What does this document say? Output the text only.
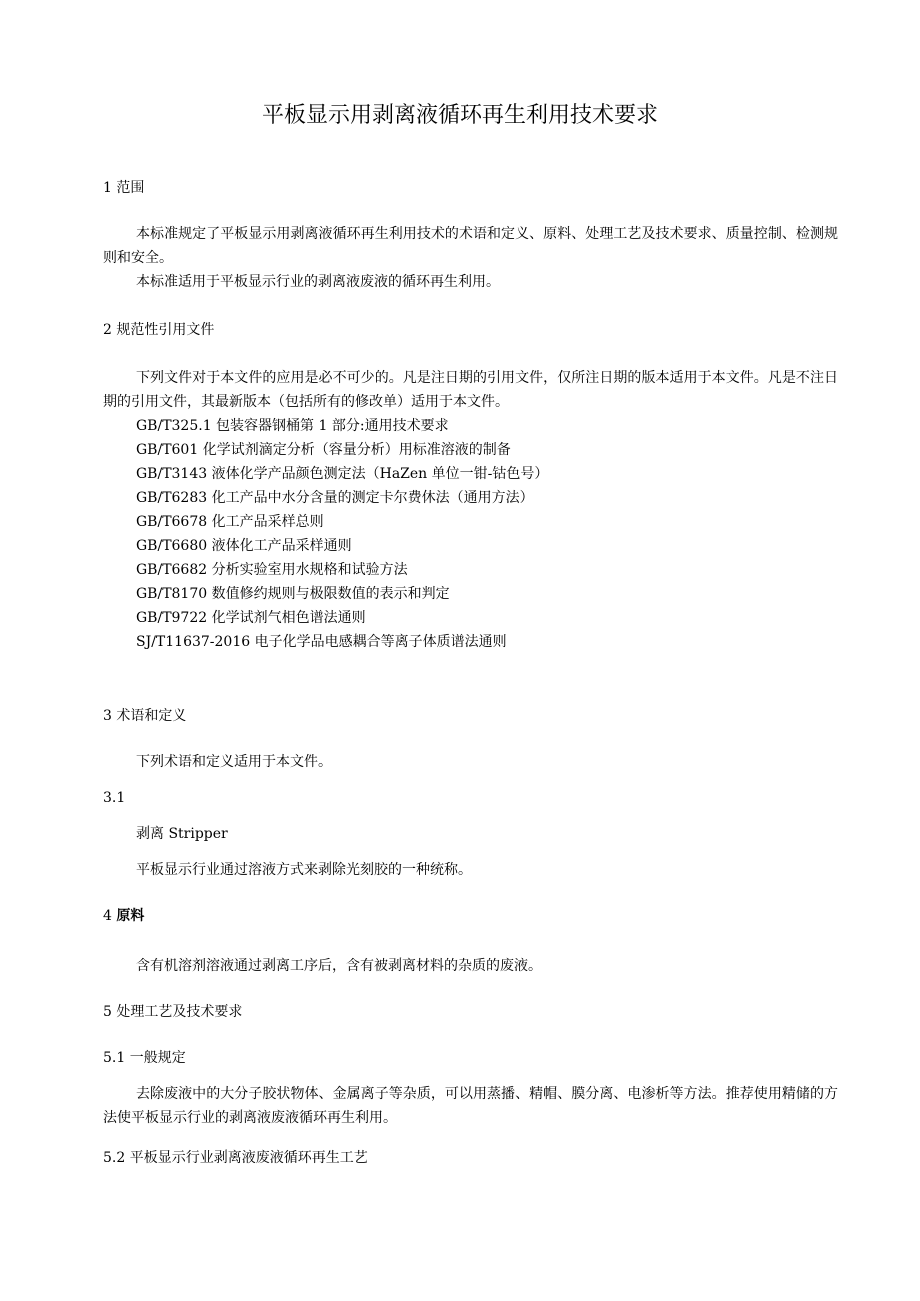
平板显示用剥离液循环再生利用技术要求
1 范围
本标准规定了平板显示用剥离液循环再生利用技术的术语和定义、原料、处理工艺及技术要求、质量控制、检测规则和安全。
本标准适用于平板显示行业的剥离液废液的循环再生利用。
2 规范性引用文件
下列文件对于本文件的应用是必不可少的。凡是注日期的引用文件，仅所注日期的版本适用于本文件。凡是不注日期的引用文件，其最新版本（包括所有的修改单）适用于本文件。
GB/T325.1 包装容器钢桶第 1 部分:通用技术要求
GB/T601 化学试剂滴定分析（容量分析）用标准溶液的制备
GB/T3143 液体化学产品颜色测定法（HaZen 单位一钳-钴色号）
GB/T6283 化工产品中水分含量的测定卡尔费休法（通用方法）
GB/T6678 化工产品采样总则
GB/T6680 液体化工产品采样通则
GB/T6682 分析实验室用水规格和试验方法
GB/T8170 数值修约规则与极限数值的表示和判定
GB/T9722 化学试剂气相色谱法通则
SJ/T11637-2016 电子化学品电感耦合等离子体质谱法通则
3 术语和定义
下列术语和定义适用于本文件。
3.1
剥离 Stripper
平板显示行业通过溶液方式来剥除光刻胶的一种统称。
4 原料
含有机溶剂溶液通过剥离工序后，含有被剥离材料的杂质的废液。
5 处理工艺及技术要求
5.1 一般规定
去除废液中的大分子胶状物体、金属离子等杂质，可以用蒸播、精帽、膜分离、电渗析等方法。推荐使用精储的方法使平板显示行业的剥离液废液循环再生利用。
5.2 平板显示行业剥离液废液循环再生工艺
